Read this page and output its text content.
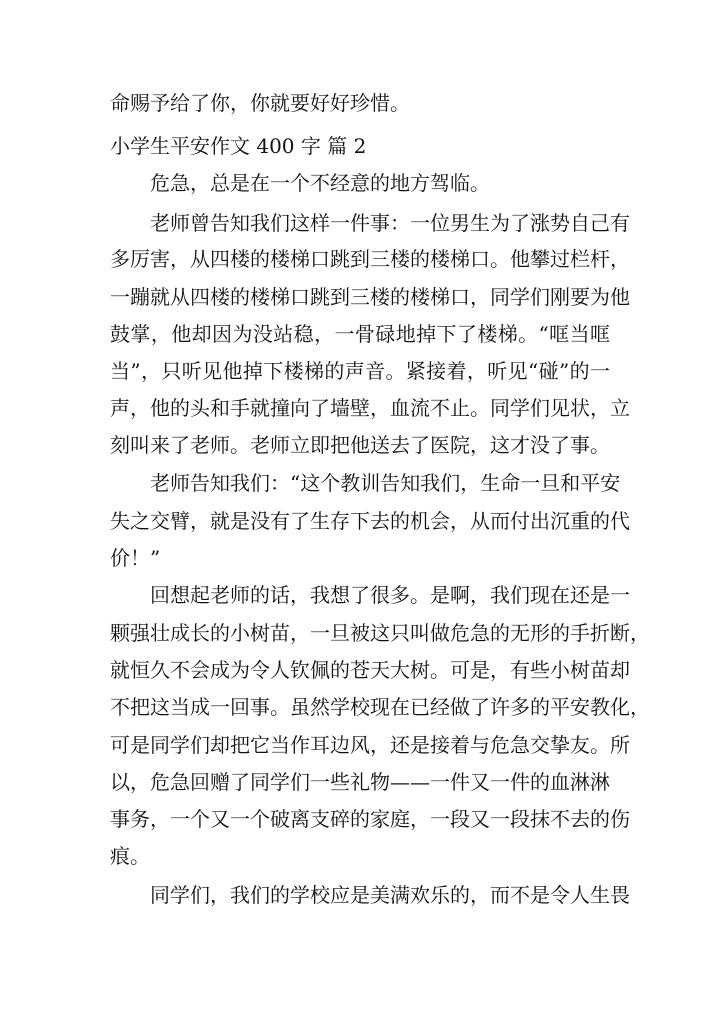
命赐予给了你，你就要好好珍惜。
小学生平安作文 400 字 篇 2
危急，总是在一个不经意的地方驾临。
老师曾告知我们这样一件事：一位男生为了涨势自己有
多厉害，从四楼的楼梯口跳到三楼的楼梯口。他攀过栏杆，
一蹦就从四楼的楼梯口跳到三楼的楼梯口，同学们刚要为他
鼓掌，他却因为没站稳，一骨碌地掉下了楼梯。“哐当哐
当”，只听见他掉下楼梯的声音。紧接着，听见“碰”的一
声，他的头和手就撞向了墙壁，血流不止。同学们见状，立
刻叫来了老师。老师立即把他送去了医院，这才没了事。
老师告知我们：“这个教训告知我们，生命一旦和平安
失之交臂，就是没有了生存下去的机会，从而付出沉重的代
价！”
回想起老师的话，我想了很多。是啊，我们现在还是一
颗强壮成长的小树苗，一旦被这只叫做危急的无形的手折断，
就恒久不会成为令人钦佩的苍天大树。可是，有些小树苗却
不把这当成一回事。虽然学校现在已经做了许多的平安教化，
可是同学们却把它当作耳边风，还是接着与危急交挚友。所
以，危急回赠了同学们一些礼物——一件又一件的血淋淋
事务，一个又一个破离支碎的家庭，一段又一段抹不去的伤
痕。
同学们，我们的学校应是美满欢乐的，而不是令人生畏
